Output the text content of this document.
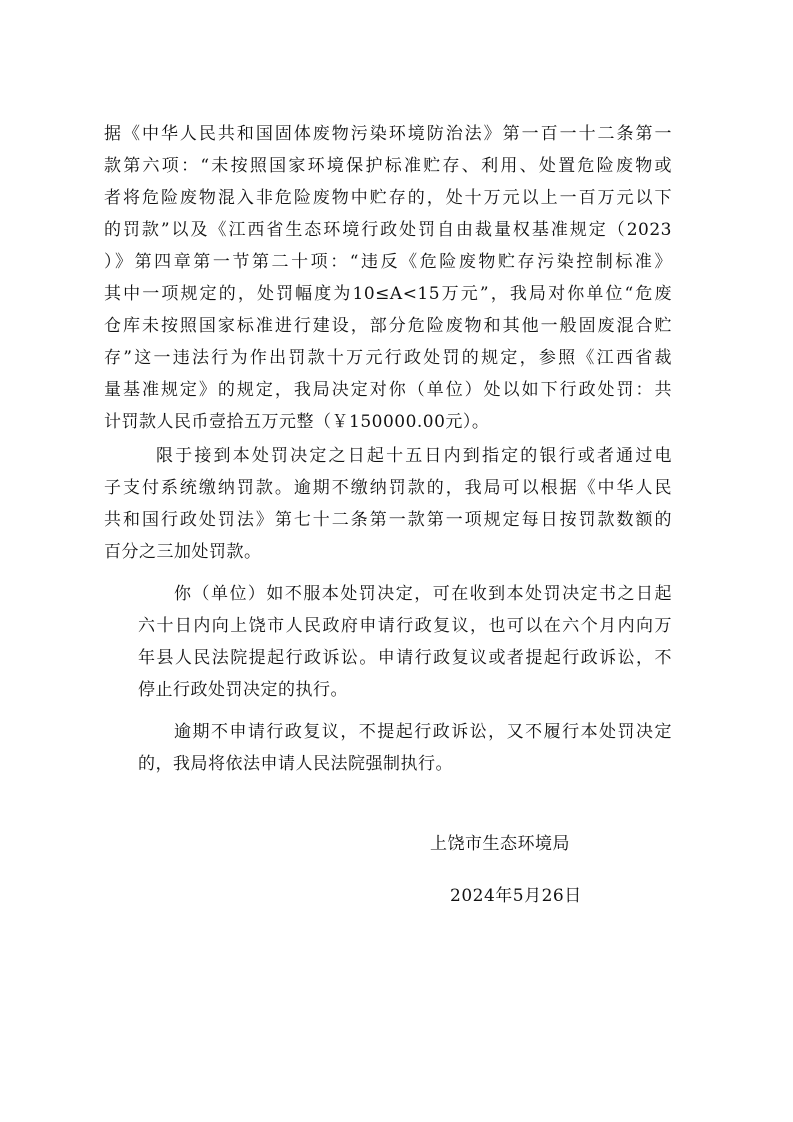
据《中华人民共和国固体废物污染环境防治法》第一百一十二条第一
款第六项：“未按照国家环境保护标准贮存、利用、处置危险废物或
者将危险废物混入非危险废物中贮存的，处十万元以上一百万元以下
的罚款”以及《江西省生态环境行政处罚自由裁量权基准规定（2023
）》第四章第一节第二十项：“违反《危险废物贮存污染控制标准》
其中一项规定的，处罚幅度为10≤A<15万元”，我局对你单位“危废
仓库未按照国家标准进行建设，部分危险废物和其他一般固废混合贮
存”这一违法行为作出罚款十万元行政处罚的规定，参照《江西省裁
量基准规定》的规定，我局决定对你（单位）处以如下行政处罚：共
计罚款人民币壹拾五万元整（￥150000.00元）。
限于接到本处罚决定之日起十五日内到指定的银行或者通过电
子支付系统缴纳罚款。逾期不缴纳罚款的，我局可以根据《中华人民
共和国行政处罚法》第七十二条第一款第一项规定每日按罚款数额的
百分之三加处罚款。
你（单位）如不服本处罚决定，可在收到本处罚决定书之日起
六十日内向上饶市人民政府申请行政复议，也可以在六个月内向万
年县人民法院提起行政诉讼。申请行政复议或者提起行政诉讼，不
停止行政处罚决定的执行。
逾期不申请行政复议，不提起行政诉讼，又不履行本处罚决定
的，我局将依法申请人民法院强制执行。
上饶市生态环境局
2024年5月26日
